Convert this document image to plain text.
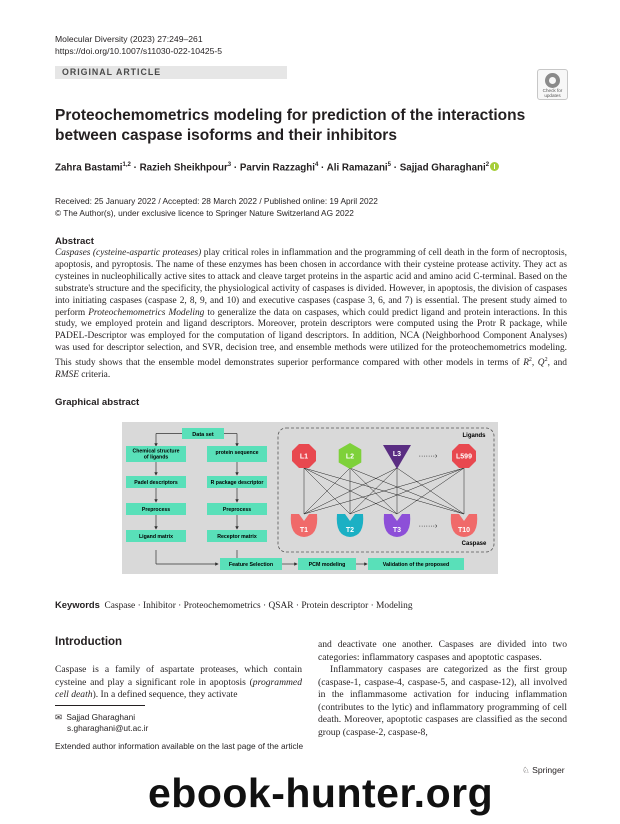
Molecular Diversity (2023) 27:249–261
https://doi.org/10.1007/s11030-022-10425-5
ORIGINAL ARTICLE
Check for
updates
Proteochemometrics modeling for prediction of the interactions between caspase isoforms and their inhibitors
Zahra Bastami$^{1,2}$ · Razieh Sheikhpour$^3$ · Parvin Razzaghi$^4$ · Ali Ramazani$^5$ · Sajjad Gharaghani$^2$
Received: 25 January 2022 / Accepted: 28 March 2022 / Published online: 19 April 2022
© The Author(s), under exclusive licence to Springer Nature Switzerland AG 2022
Abstract
Caspases (cysteine-aspartic proteases) play critical roles in inflammation and the programming of cell death in the form of necroptosis, apoptosis, and pyroptosis. The name of these enzymes has been chosen in accordance with their cysteine protease activity. They act as cysteines in nucleophilically active sites to attack and cleave target proteins in the aspartic acid and amino acid C-terminal. Based on the substrate's structure and the specificity, the physiological activity of caspases is divided. However, in apoptosis, the division of caspases into initiating caspases (caspase 2, 8, 9, and 10) and executive caspases (caspase 3, 6, and 7) is essential. The present study aimed to perform Proteochemometrics Modeling to generalize the data on caspases, which could predict ligand and protein interactions. In this study, we employed protein and ligand descriptors. Moreover, protein descriptors were computed using the Protr R package, while PADEL-Descriptor was employed for the computation of ligand descriptors. In addition, NCA (Neighborhood Component Analyses) was used for descriptor selection, and SVR, decision tree, and ensemble methods were utilized for the proteochemometrics modeling. This study shows that the ensemble model demonstrates superior performance compared with other models in terms of $R^2$, $Q^2$, and RMSE criteria.
Graphical abstract
Data set
Chemical structure
of ligands
Padel descriptors
Preprocess
Ligand matrix
protein sequence
R package descriptor
Preprocess
Receptor matrix
Feature Selection	PCM modeling	Validation of the proposed
Ligands
Caspase
L1	L2	L3	L599
·······›
T1	T2	T3	T10
·······›
Keywords Caspase · Inhibitor · Proteochemometrics · QSAR · Protein descriptor · Modeling
Introduction
Caspase is a family of aspartate proteases, which contain cysteine and play a significant role in apoptosis (programmed cell death). In a defined sequence, they activate
and deactivate one another. Caspases are divided into two categories: inflammatory caspases and apoptotic caspases.
Inflammatory caspases are categorized as the first group (caspase-1, caspase-4, caspase-5, and caspase-12), all involved in the inflammasome activation for inducing inflammation (contributes to the lytic) and inflammatory programming of cell death. Moreover, apoptotic caspases are classified as the second group (caspase-2, caspase-8,
✉ Sajjad Gharaghani
s.gharaghani@ut.ac.ir
Extended author information available on the last page of the article
♘ Springer
ebook-hunter.org
